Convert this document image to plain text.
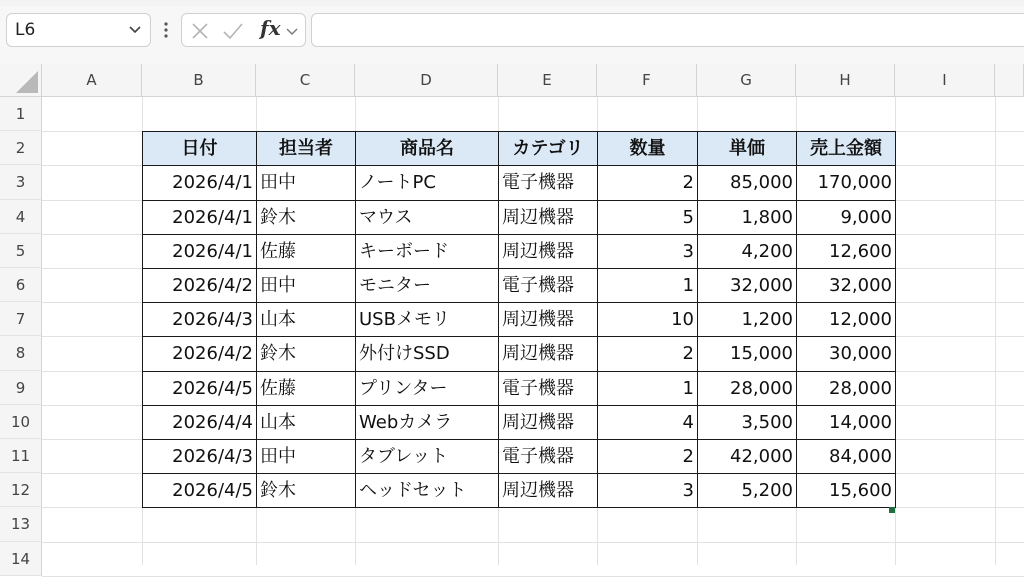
L6	fx
A	B	C	D	E	F	G	H	I
1
2
3
4
5
6
7
8
9
10
11
12
13
14
日付	担当者	商品名	カテゴリ	数量	単価	売上金額
2026/4/1 田中	ノートPC	電子機器	2	85,000	170,000
2026/4/1 鈴木	マウス	周辺機器	5	1,800	9,000
2026/4/1 佐藤	キーボード	周辺機器	3	4,200	12,600
2026/4/2 田中	モニター	電子機器	1	32,000	32,000
2026/4/3 山本	USBメモリ	周辺機器	10	1,200	12,000
2026/4/2 鈴木	外付けSSD	周辺機器	2	15,000	30,000
2026/4/5 佐藤	プリンター	電子機器	1	28,000	28,000
2026/4/4 山本	Webカメラ	周辺機器	4	3,500	14,000
2026/4/3 田中	タブレット	電子機器	2	42,000	84,000
2026/4/5 鈴木	ヘッドセット	周辺機器	3	5,200	15,600
